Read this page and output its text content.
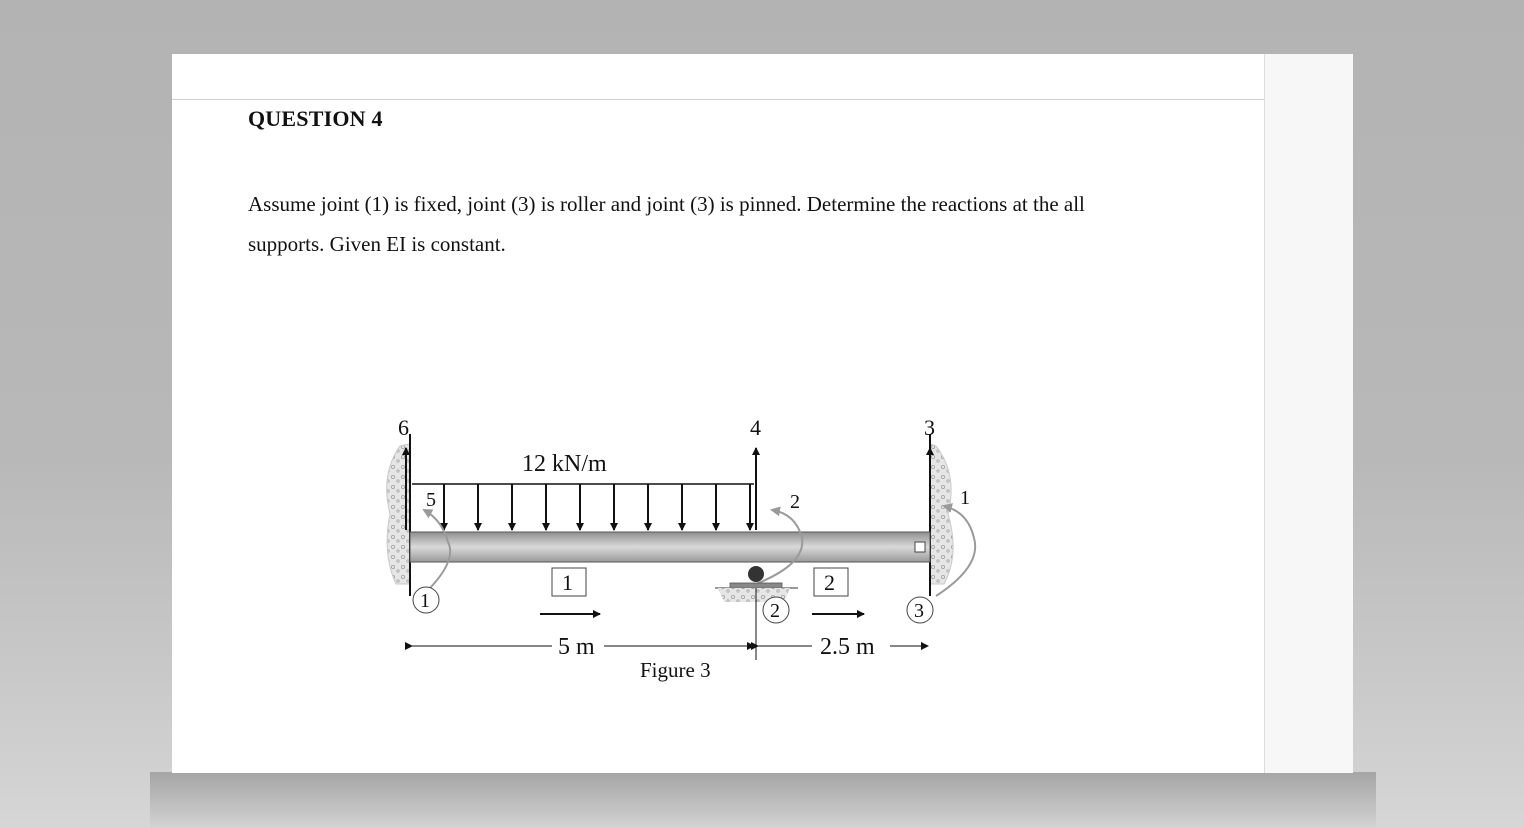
QUESTION 4

Assume joint (1) is fixed, joint (3) is roller and joint (3) is pinned. Determine the reactions at the all supports. Given EI is constant.

12 kN/m
6	4	3
5	2	1
1	2
1	2	3
5 m	2.5 m
Figure 3
